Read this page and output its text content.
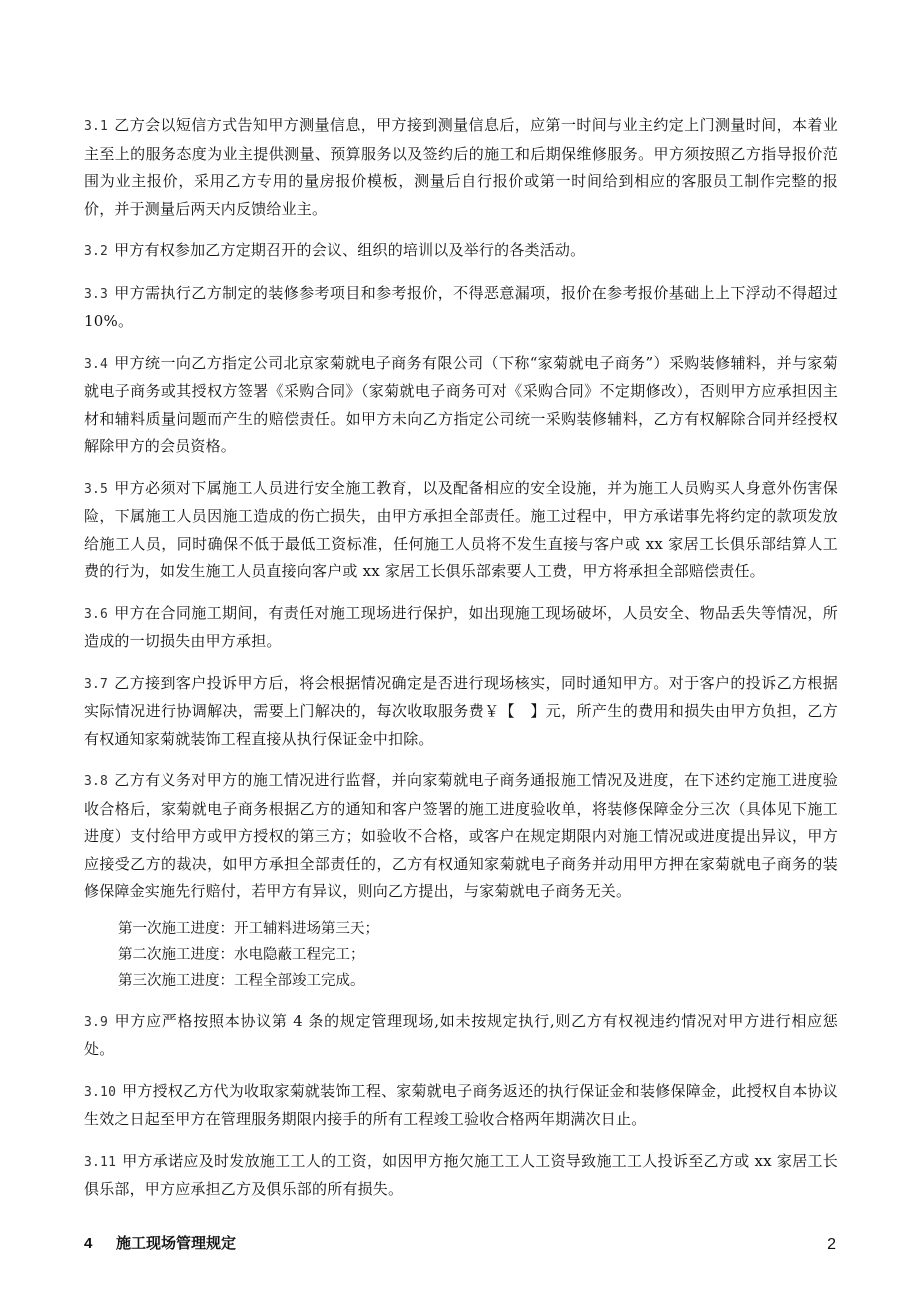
3.1 乙方会以短信方式告知甲方测量信息，甲方接到测量信息后，应第一时间与业主约定上门测量时间，本着业主至上的服务态度为业主提供测量、预算服务以及签约后的施工和后期保维修服务。甲方须按照乙方指导报价范围为业主报价，采用乙方专用的量房报价模板，测量后自行报价或第一时间给到相应的客服员工制作完整的报价，并于测量后两天内反馈给业主。

3.2 甲方有权参加乙方定期召开的会议、组织的培训以及举行的各类活动。

3.3 甲方需执行乙方制定的装修参考项目和参考报价，不得恶意漏项，报价在参考报价基础上上下浮动不得超过 10%。

3.4 甲方统一向乙方指定公司北京家菊就电子商务有限公司（下称“家菊就电子商务”）采购装修辅料，并与家菊就电子商务或其授权方签署《采购合同》（家菊就电子商务可对《采购合同》不定期修改），否则甲方应承担因主材和辅料质量问题而产生的赔偿责任。如甲方未向乙方指定公司统一采购装修辅料，乙方有权解除合同并经授权解除甲方的会员资格。

3.5 甲方必须对下属施工人员进行安全施工教育，以及配备相应的安全设施，并为施工人员购买人身意外伤害保险，下属施工人员因施工造成的伤亡损失，由甲方承担全部责任。施工过程中，甲方承诺事先将约定的款项发放给施工人员，同时确保不低于最低工资标准，任何施工人员将不发生直接与客户或 xx 家居工长俱乐部结算人工费的行为，如发生施工人员直接向客户或 xx 家居工长俱乐部索要人工费，甲方将承担全部赔偿责任。

3.6 甲方在合同施工期间，有责任对施工现场进行保护，如出现施工现场破坏，人员安全、物品丢失等情况，所造成的一切损失由甲方承担。

3.7 乙方接到客户投诉甲方后，将会根据情况确定是否进行现场核实，同时通知甲方。对于客户的投诉乙方根据实际情况进行协调解决，需要上门解决的，每次收取服务费￥【　】元，所产生的费用和损失由甲方负担，乙方有权通知家菊就装饰工程直接从执行保证金中扣除。

3.8 乙方有义务对甲方的施工情况进行监督，并向家菊就电子商务通报施工情况及进度，在下述约定施工进度验收合格后，家菊就电子商务根据乙方的通知和客户签署的施工进度验收单，将装修保障金分三次（具体见下施工进度）支付给甲方或甲方授权的第三方；如验收不合格，或客户在规定期限内对施工情况或进度提出异议，甲方应接受乙方的裁决，如甲方承担全部责任的，乙方有权通知家菊就电子商务并动用甲方押在家菊就电子商务的装修保障金实施先行赔付，若甲方有异议，则向乙方提出，与家菊就电子商务无关。

第一次施工进度：开工辅料进场第三天；
第二次施工进度：水电隐蔽工程完工；
第三次施工进度：工程全部竣工完成。

3.9 甲方应严格按照本协议第 4 条的规定管理现场,如未按规定执行,则乙方有权视违约情况对甲方进行相应惩处。

3.10 甲方授权乙方代为收取家菊就装饰工程、家菊就电子商务返还的执行保证金和装修保障金，此授权自本协议生效之日起至甲方在管理服务期限内接手的所有工程竣工验收合格两年期满次日止。

3.11 甲方承诺应及时发放施工工人的工资，如因甲方拖欠施工工人工资导致施工工人投诉至乙方或 xx 家居工长俱乐部，甲方应承担乙方及俱乐部的所有损失。

4 施工现场管理规定	2
